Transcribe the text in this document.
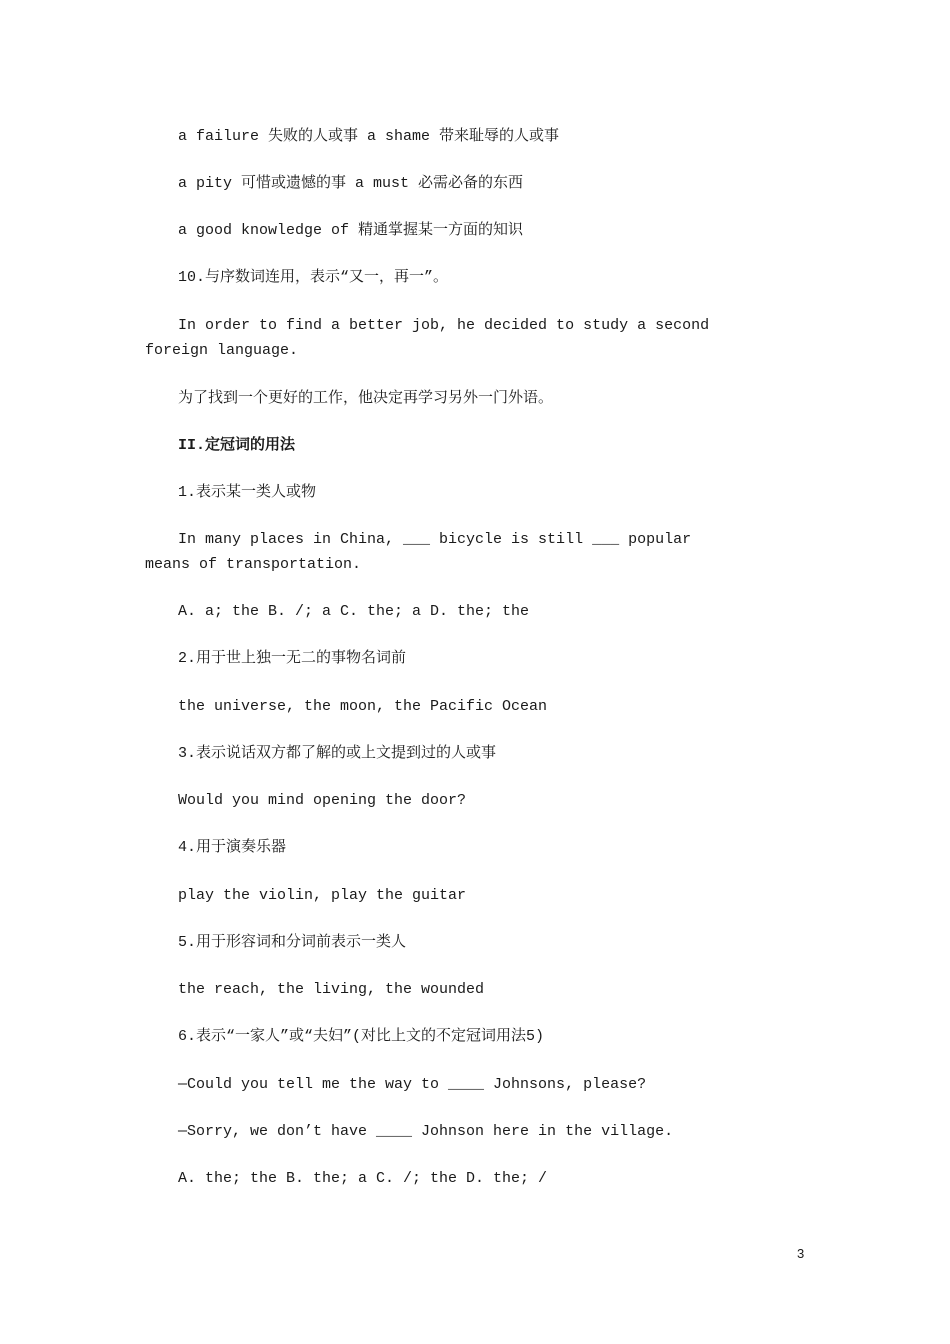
a failure 失败的人或事 a shame 带来耻辱的人或事
a pity 可惜或遗憾的事 a must 必需必备的东西
a good knowledge of 精通掌握某一方面的知识
10.与序数词连用，表示“又一，再一”。
In order to find a better job, he decided to study a second foreign language.
为了找到一个更好的工作，他决定再学习另外一门外语。
II.定冠词的用法
1.表示某一类人或物
In many places in China, ___ bicycle is still ___ popular means of transportation.
A. a; the B. /; a C. the; a D. the; the
2.用于世上独一无二的事物名词前
the universe, the moon, the Pacific Ocean
3.表示说话双方都了解的或上文提到过的人或事
Would you mind opening the door?
4.用于演奏乐器
play the violin, play the guitar
5.用于形容词和分词前表示一类人
the reach, the living, the wounded
6.表示“一家人”或“夫妇”(对比上文的不定冠词用法5)
—Could you tell me the way to ____ Johnsons, please?
—Sorry, we don’t have ____ Johnson here in the village.
A. the; the B. the; a C. /; the D. the; /
3
